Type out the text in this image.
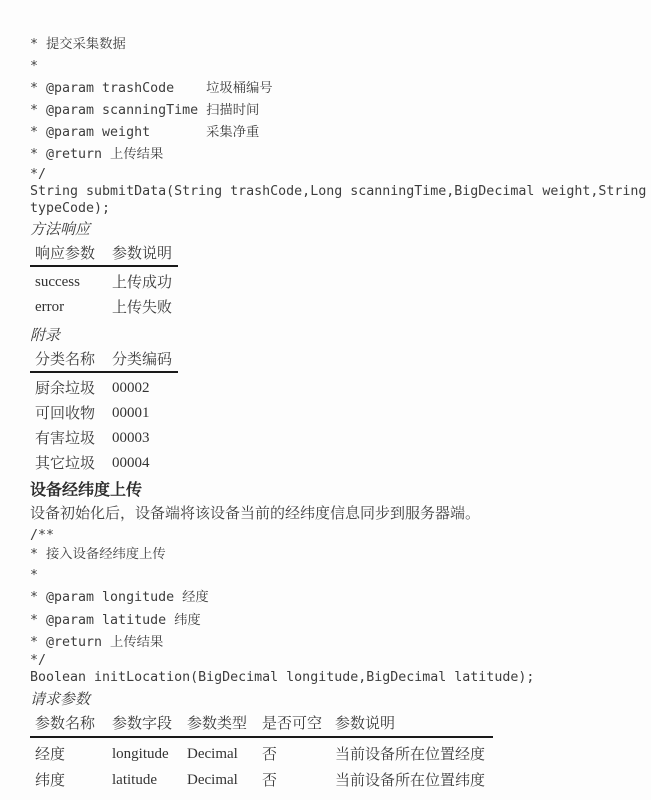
* 提交采集数据
*
* @param trashCode    垃圾桶编号
* @param scanningTime 扫描时间
* @param weight       采集净重
* @return 上传结果
*/
String submitData(String trashCode,Long scanningTime,BigDecimal weight,String
typeCode);
方法响应
响应参数	参数说明
success	上传成功
error	上传失败
附录
分类名称	分类编码
厨余垃圾	00002
可回收物	00001
有害垃圾	00003
其它垃圾	00004
设备经纬度上传

设备初始化后，设备端将该设备当前的经纬度信息同步到服务器端。

/**
* 接入设备经纬度上传
*
* @param longitude 经度
* @param latitude 纬度
* @return 上传结果
*/
Boolean initLocation(BigDecimal longitude,BigDecimal latitude);
请求参数
参数名称	参数字段 参数类型 是否可空 参数说明
经度	longitude	Decimal	否	当前设备所在位置经度
纬度	latitude	Decimal	否	当前设备所在位置纬度
